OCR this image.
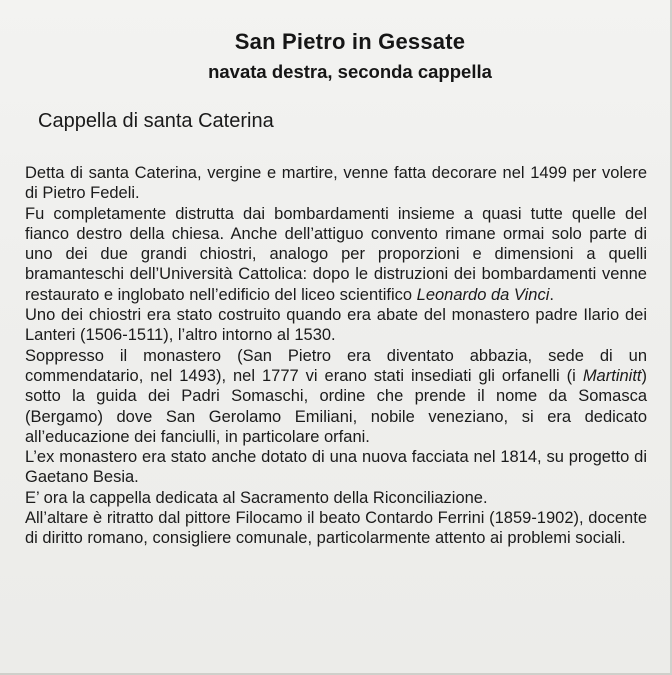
San Pietro in Gessate
navata destra, seconda cappella
Cappella di santa Caterina

Detta di santa Caterina, vergine e martire, venne fatta decorare nel 1499 per volere di Pietro Fedeli.

Fu completamente distrutta dai bombardamenti insieme a quasi tutte quelle del fianco destro della chiesa. Anche dell’attiguo convento rimane ormai solo parte di uno dei due grandi chiostri, analogo per proporzioni e dimensioni a quelli bramanteschi dell’Università Cattolica: dopo le distruzioni dei bombardamenti venne restaurato e inglobato nell’edificio del liceo scientifico Leonardo da Vinci.

Uno dei chiostri era stato costruito quando era abate del monastero padre Ilario dei Lanteri (1506-1511), l’altro intorno al 1530.

Soppresso il monastero (San Pietro era diventato abbazia, sede di un commendatario, nel 1493), nel 1777 vi erano stati insediati gli orfanelli (i Martinitt) sotto la guida dei Padri Somaschi, ordine che prende il nome da Somasca (Bergamo) dove San Gerolamo Emiliani, nobile veneziano, si era dedicato all’educazione dei fanciulli, in particolare orfani.

L’ex monastero era stato anche dotato di una nuova facciata nel 1814, su progetto di Gaetano Besia.

E’ ora la cappella dedicata al Sacramento della Riconciliazione.

All’altare è ritratto dal pittore Filocamo il beato Contardo Ferrini (1859-1902), docente di diritto romano, consigliere comunale, particolarmente attento ai problemi sociali.
